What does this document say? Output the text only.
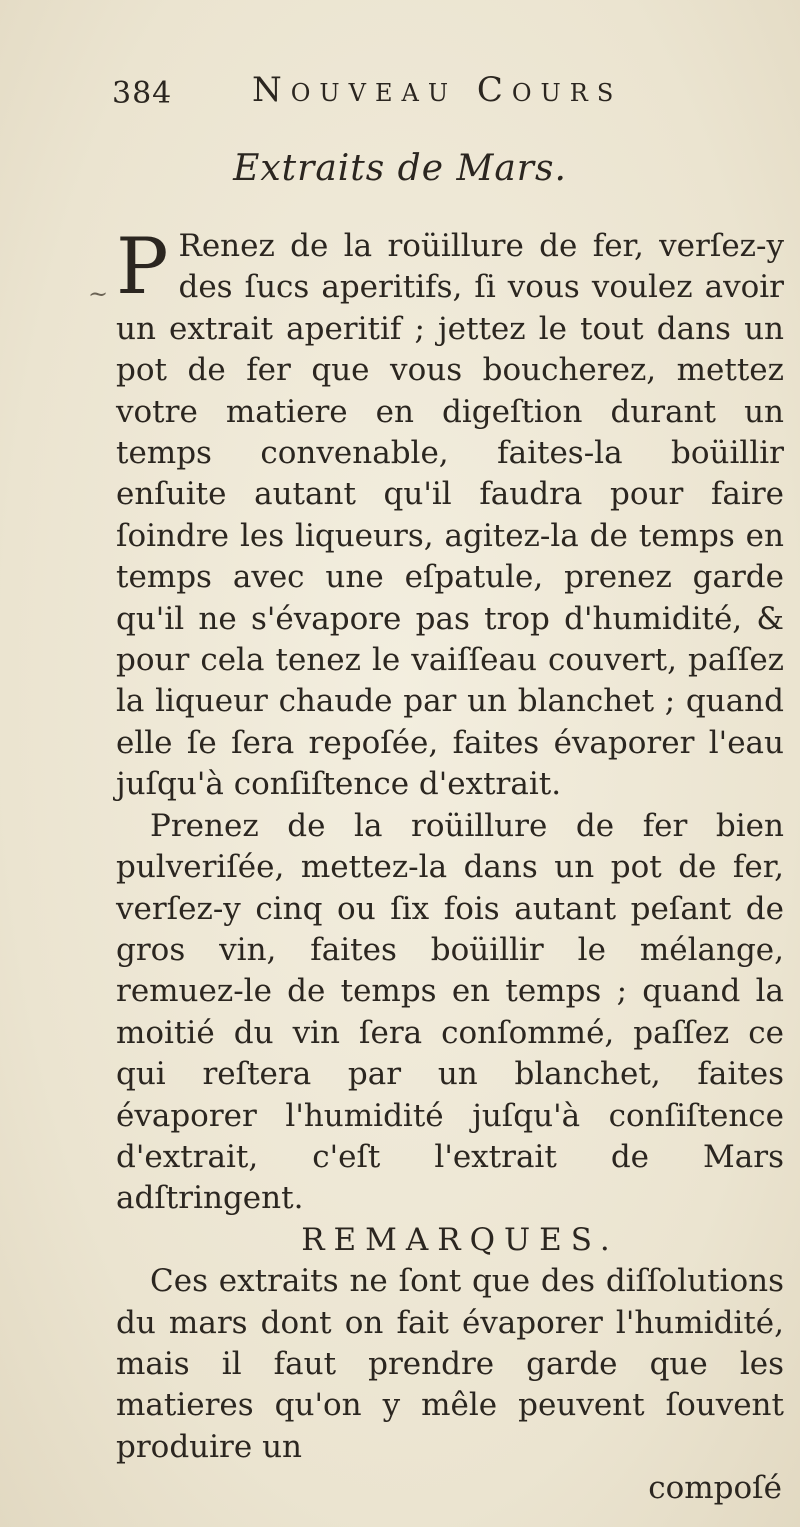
384 Nouveau Cours
Extraits de Mars.
~ P Renez de la roüillure de fer, verſez-y des ſucs aperitifs, ſi vous voulez avoir un extrait aperitif ; jettez le tout dans un pot de fer que vous boucherez, mettez votre matiere en digeſtion durant un temps convenable, faites-la boüillir enſuite autant qu'il faudra pour faire ſoindre les liqueurs, agitez-la de temps en temps avec une eſpatule, prenez garde qu'il ne s'évapore pas trop d'humidité, & pour cela tenez le vaiſſeau couvert, paſſez la liqueur chaude par un blanchet ; quand elle ſe ſera repoſée, faites évaporer l'eau juſqu'à conſiſtence d'extrait.

Prenez de la roüillure de fer bien pulveriſée, mettez-la dans un pot de fer, verſez-y cinq ou ſix fois autant peſant de gros vin, faites boüillir le mélange, remuez-le de temps en temps ; quand la moitié du vin ſera conſommé, paſſez ce qui reſtera par un blanchet, faites évaporer l'humidité juſqu'à conſiſtence d'extrait, c'eſt l'extrait de Mars adſtringent.

REMARQUES.

Ces extraits ne ſont que des diſſolutions du mars dont on fait évaporer l'humidité, mais il faut prendre garde que les matieres qu'on y mêle peuvent ſouvent produire un

compoſé
